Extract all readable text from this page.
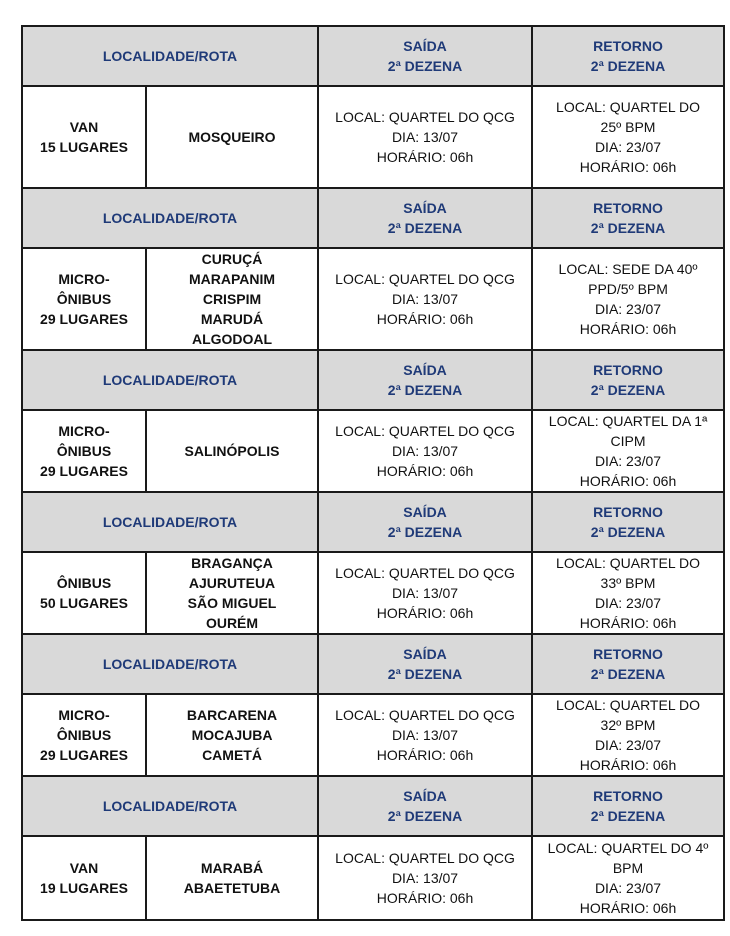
LOCALIDADE/ROTA		SAÍDA
2ª DEZENA	RETORNO
2ª DEZENA

VAN
15 LUGARES	MOSQUEIRO	LOCAL: QUARTEL DO QCG
DIA: 13/07
HORÁRIO: 06h	LOCAL: QUARTEL DO
25º BPM
DIA: 23/07
HORÁRIO: 06h

LOCALIDADE/ROTA		SAÍDA
2ª DEZENA	RETORNO
2ª DEZENA

MICRO-
ÔNIBUS
29 LUGARES	CURUÇÁ
MARAPANIM
CRISPIM
MARUDÁ
ALGODOAL	LOCAL: QUARTEL DO QCG
DIA: 13/07
HORÁRIO: 06h	LOCAL: SEDE DA 40º
PPD/5º BPM
DIA: 23/07
HORÁRIO: 06h

LOCALIDADE/ROTA		SAÍDA
2ª DEZENA	RETORNO
2ª DEZENA

MICRO-
ÔNIBUS
29 LUGARES	SALINÓPOLIS	LOCAL: QUARTEL DO QCG
DIA: 13/07
HORÁRIO: 06h	LOCAL: QUARTEL DA 1ª
CIPM
DIA: 23/07
HORÁRIO: 06h

LOCALIDADE/ROTA		SAÍDA
2ª DEZENA	RETORNO
2ª DEZENA

ÔNIBUS
50 LUGARES	BRAGANÇA
AJURUTEUA
SÃO MIGUEL
OURÉM	LOCAL: QUARTEL DO QCG
DIA: 13/07
HORÁRIO: 06h	LOCAL: QUARTEL DO
33º BPM
DIA: 23/07
HORÁRIO: 06h

LOCALIDADE/ROTA		SAÍDA
2ª DEZENA	RETORNO
2ª DEZENA

MICRO-
ÔNIBUS
29 LUGARES	BARCARENA
MOCAJUBA
CAMETÁ	LOCAL: QUARTEL DO QCG
DIA: 13/07
HORÁRIO: 06h	LOCAL: QUARTEL DO
32º BPM
DIA: 23/07
HORÁRIO: 06h

LOCALIDADE/ROTA		SAÍDA
2ª DEZENA	RETORNO
2ª DEZENA

VAN
19 LUGARES	MARABÁ
ABAETETUBA	LOCAL: QUARTEL DO QCG
DIA: 13/07
HORÁRIO: 06h	LOCAL: QUARTEL DO 4º
BPM
DIA: 23/07
HORÁRIO: 06h
